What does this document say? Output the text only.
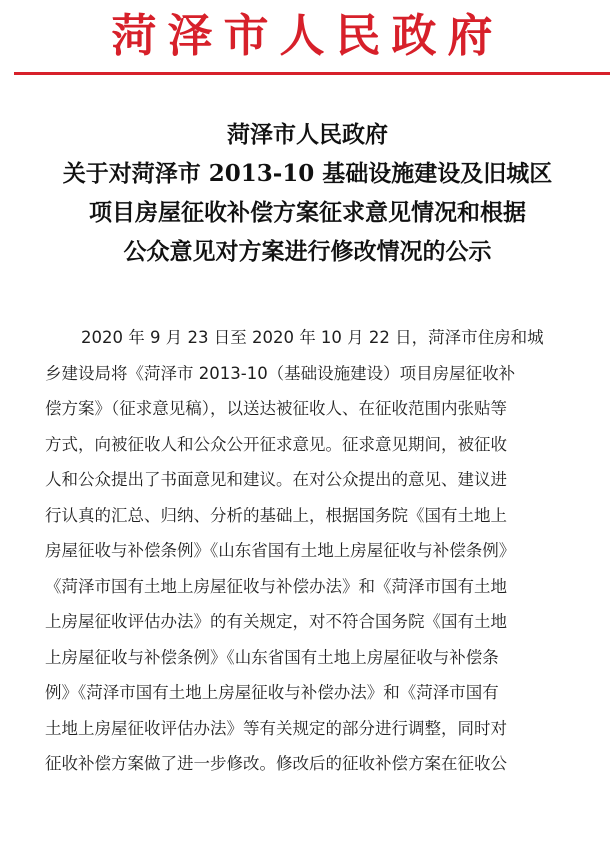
菏泽市人民政府
菏泽市人民政府
关于对菏泽市 2013-10 基础设施建设及旧城区
项目房屋征收补偿方案征求意见情况和根据
公众意见对方案进行修改情况的公示
2020 年 9 月 23 日至 2020 年 10 月 22 日，菏泽市住房和城
乡建设局将《菏泽市 2013-10（基础设施建设）项目房屋征收补
偿方案》（征求意见稿），以送达被征收人、在征收范围内张贴等
方式，向被征收人和公众公开征求意见。征求意见期间，被征收
人和公众提出了书面意见和建议。在对公众提出的意见、建议进
行认真的汇总、归纳、分析的基础上，根据国务院《国有土地上
房屋征收与补偿条例》《山东省国有土地上房屋征收与补偿条例》
《菏泽市国有土地上房屋征收与补偿办法》和《菏泽市国有土地
上房屋征收评估办法》的有关规定，对不符合国务院《国有土地
上房屋征收与补偿条例》《山东省国有土地上房屋征收与补偿条
例》《菏泽市国有土地上房屋征收与补偿办法》和《菏泽市国有
土地上房屋征收评估办法》等有关规定的部分进行调整，同时对
征收补偿方案做了进一步修改。修改后的征收补偿方案在征收公
